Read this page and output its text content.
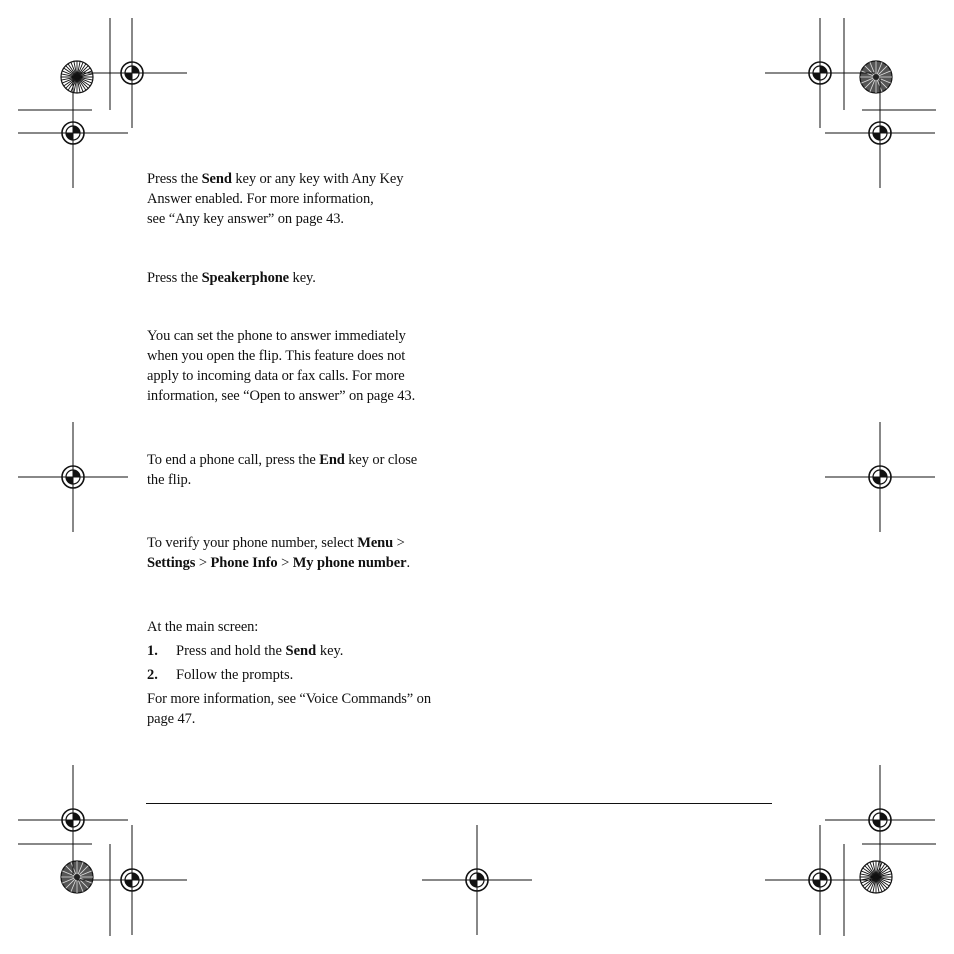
Press the Send key or any key with Any Key
Answer enabled. For more information,
see “Any key answer” on page 43.
Press the Speakerphone key.
You can set the phone to answer immediately
when you open the flip. This feature does not
apply to incoming data or fax calls. For more
information, see “Open to answer” on page 43.
To end a phone call, press the End key or close
the flip.
To verify your phone number, select Menu >
Settings > Phone Info > My phone number.
At the main screen:
1. Press and hold the Send key.
2. Follow the prompts.
For more information, see “Voice Commands” on
page 47.
